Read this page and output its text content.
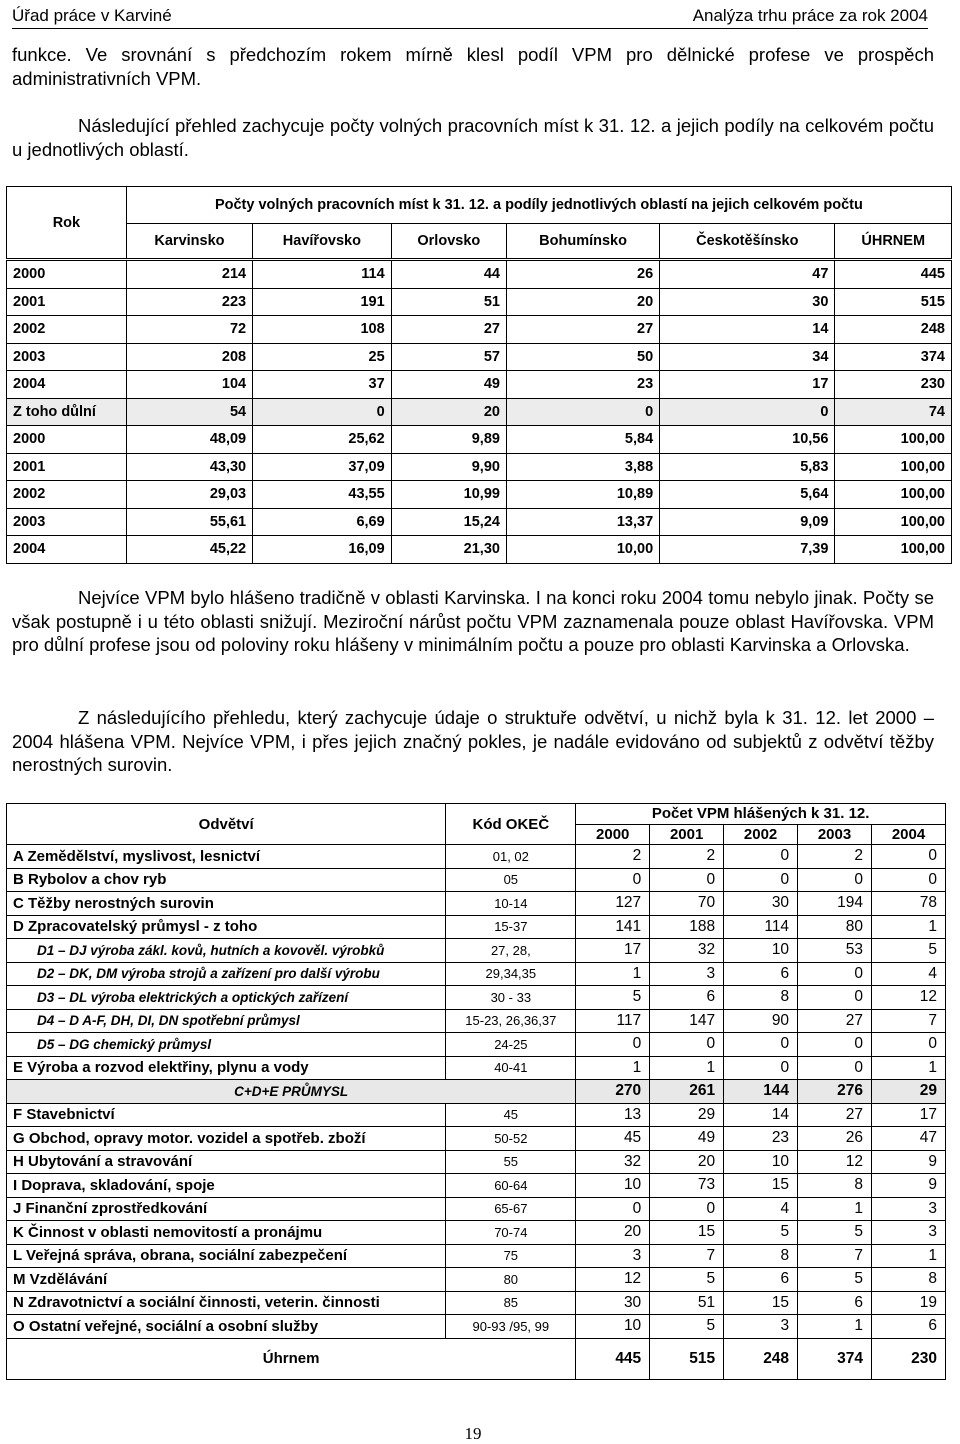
Úřad práce v Karviné	Analýza trhu práce za rok 2004

funkce. Ve srovnání s předchozím rokem mírně klesl podíl VPM pro dělnické profese ve prospěch administrativních VPM.

Následující přehled zachycuje počty volných pracovních míst k 31. 12. a jejich podíly na celkovém počtu u jednotlivých oblastí.

Rok	Počty volných pracovních míst k 31. 12. a podíly jednotlivých oblastí na jejich celkovém počtu					
	Karvinsko	Havířovsko	Orlovsko	Bohumínsko	Českotěšínsko	ÚHRNEM

2000	214	114	44	26	47	445
2001	223	191	51	20	30	515
2002	72	108	27	27	14	248
2003	208	25	57	50	34	374
2004	104	37	49	23	17	230
Z toho důlní	54	0	20	0	0	74
2000	48,09	25,62	9,89	5,84	10,56	100,00
2001	43,30	37,09	9,90	3,88	5,83	100,00
2002	29,03	43,55	10,99	10,89	5,64	100,00
2003	55,61	6,69	15,24	13,37	9,09	100,00
2004	45,22	16,09	21,30	10,00	7,39	100,00

Nejvíce VPM bylo hlášeno tradičně v oblasti Karvinska. I na konci roku 2004 tomu nebylo jinak. Počty se však postupně i u této oblasti snižují. Meziroční nárůst počtu VPM zaznamenala pouze oblast Havířovska. VPM pro důlní profese jsou od poloviny roku hlášeny v minimálním počtu a pouze pro oblasti Karvinska a Orlovska.

Z následujícího přehledu, který zachycuje údaje o struktuře odvětví, u nichž byla k 31. 12. let 2000 – 2004 hlášena VPM. Nejvíce VPM, i přes jejich značný pokles, je nadále evidováno od subjektů z odvětví těžby nerostných surovin.

Odvětví	Kód OKEČ	Počet VPM hlášených k 31. 12.				
		2000	2001	2002	2003	2004
A Zemědělství, myslivost, lesnictví	01, 02	2	2	0	2	0
B Rybolov a chov ryb	05	0	0	0	0	0
C Těžby nerostných surovin	10-14	127	70	30	194	78
D Zpracovatelský průmysl - z toho	15-37	141	188	114	80	1
D1 – DJ výroba zákl. kovů, hutních a kovověl. výrobků	27, 28,	17	32	10	53	5
D2 – DK, DM výroba strojů a zařízení pro další výrobu	29,34,35	1	3	6	0	4
D3 – DL výroba elektrických a optických zařízení	30 - 33	5	6	8	0	12
D4 – D A-F, DH, DI, DN spotřební průmysl	15-23, 26,36,37	117	147	90	27	7
D5 – DG chemický průmysl	24-25	0	0	0	0	0
E Výroba a rozvod elektřiny, plynu a vody	40-41	1	1	0	0	1
C+D+E PRŮMYSL		270	261	144	276	29
F Stavebnictví	45	13	29	14	27	17
G Obchod, opravy motor. vozidel a spotřeb. zboží	50-52	45	49	23	26	47
H Ubytování a stravování	55	32	20	10	12	9
I Doprava, skladování, spoje	60-64	10	73	15	8	9
J Finanční zprostředkování	65-67	0	0	4	1	3
K Činnost v oblasti nemovitostí a pronájmu	70-74	20	15	5	5	3
L Veřejná správa, obrana, sociální zabezpečení	75	3	7	8	7	1
M Vzdělávání	80	12	5	6	5	8
N Zdravotnictví a sociální činnosti, veterin. činnosti	85	30	51	15	6	19
O Ostatní veřejné, sociální a osobní služby	90-93 /95, 99	10	5	3	1	6
Úhrnem		445	515	248	374	230
19
